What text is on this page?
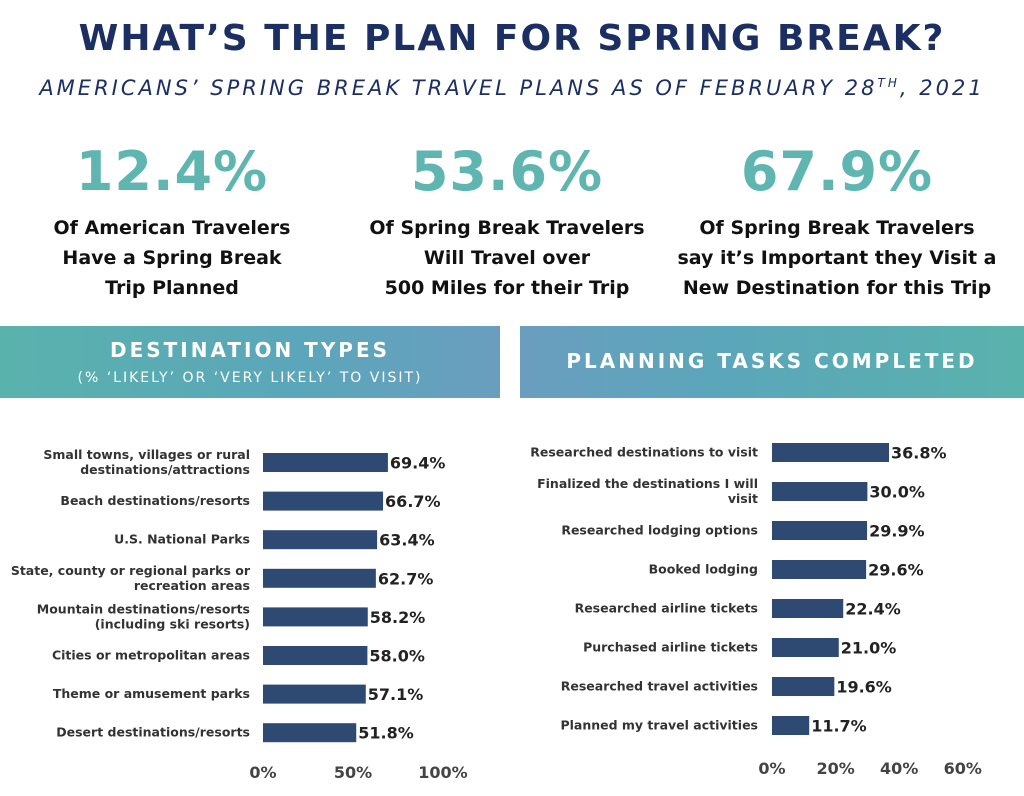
WHAT’S THE PLAN FOR SPRING BREAK?
AMERICANS’ SPRING BREAK TRAVEL PLANS AS OF FEBRUARY 28TH, 2021
12.4%
Of American Travelers
Have a Spring Break
Trip Planned
53.6%
Of Spring Break Travelers
Will Travel over
500 Miles for their Trip
67.9%
Of Spring Break Travelers
say it’s Important they Visit a
New Destination for this Trip
DESTINATION TYPES
(% ‘LIKELY’ OR ‘VERY LIKELY’ TO VISIT)
PLANNING TASKS COMPLETED
69.4%
Small towns, villages or rural
destinations/attractions
66.7%
Beach destinations/resorts
63.4%
U.S. National Parks
62.7%
State, county or regional parks or
recreation areas
58.2%
Mountain destinations/resorts
(including ski resorts)
58.0%
Cities or metropolitan areas
57.1%
Theme or amusement parks
51.8%
Desert destinations/resorts
0%	50%	100%
36.8%
Researched destinations to visit
30.0%
Finalized the destinations I will
visit
29.9%
Researched lodging options
29.6%
Booked lodging
22.4%
Researched airline tickets
21.0%
Purchased airline tickets
19.6%
Researched travel activities
11.7%
Planned my travel activities
0% 20% 40% 60%
